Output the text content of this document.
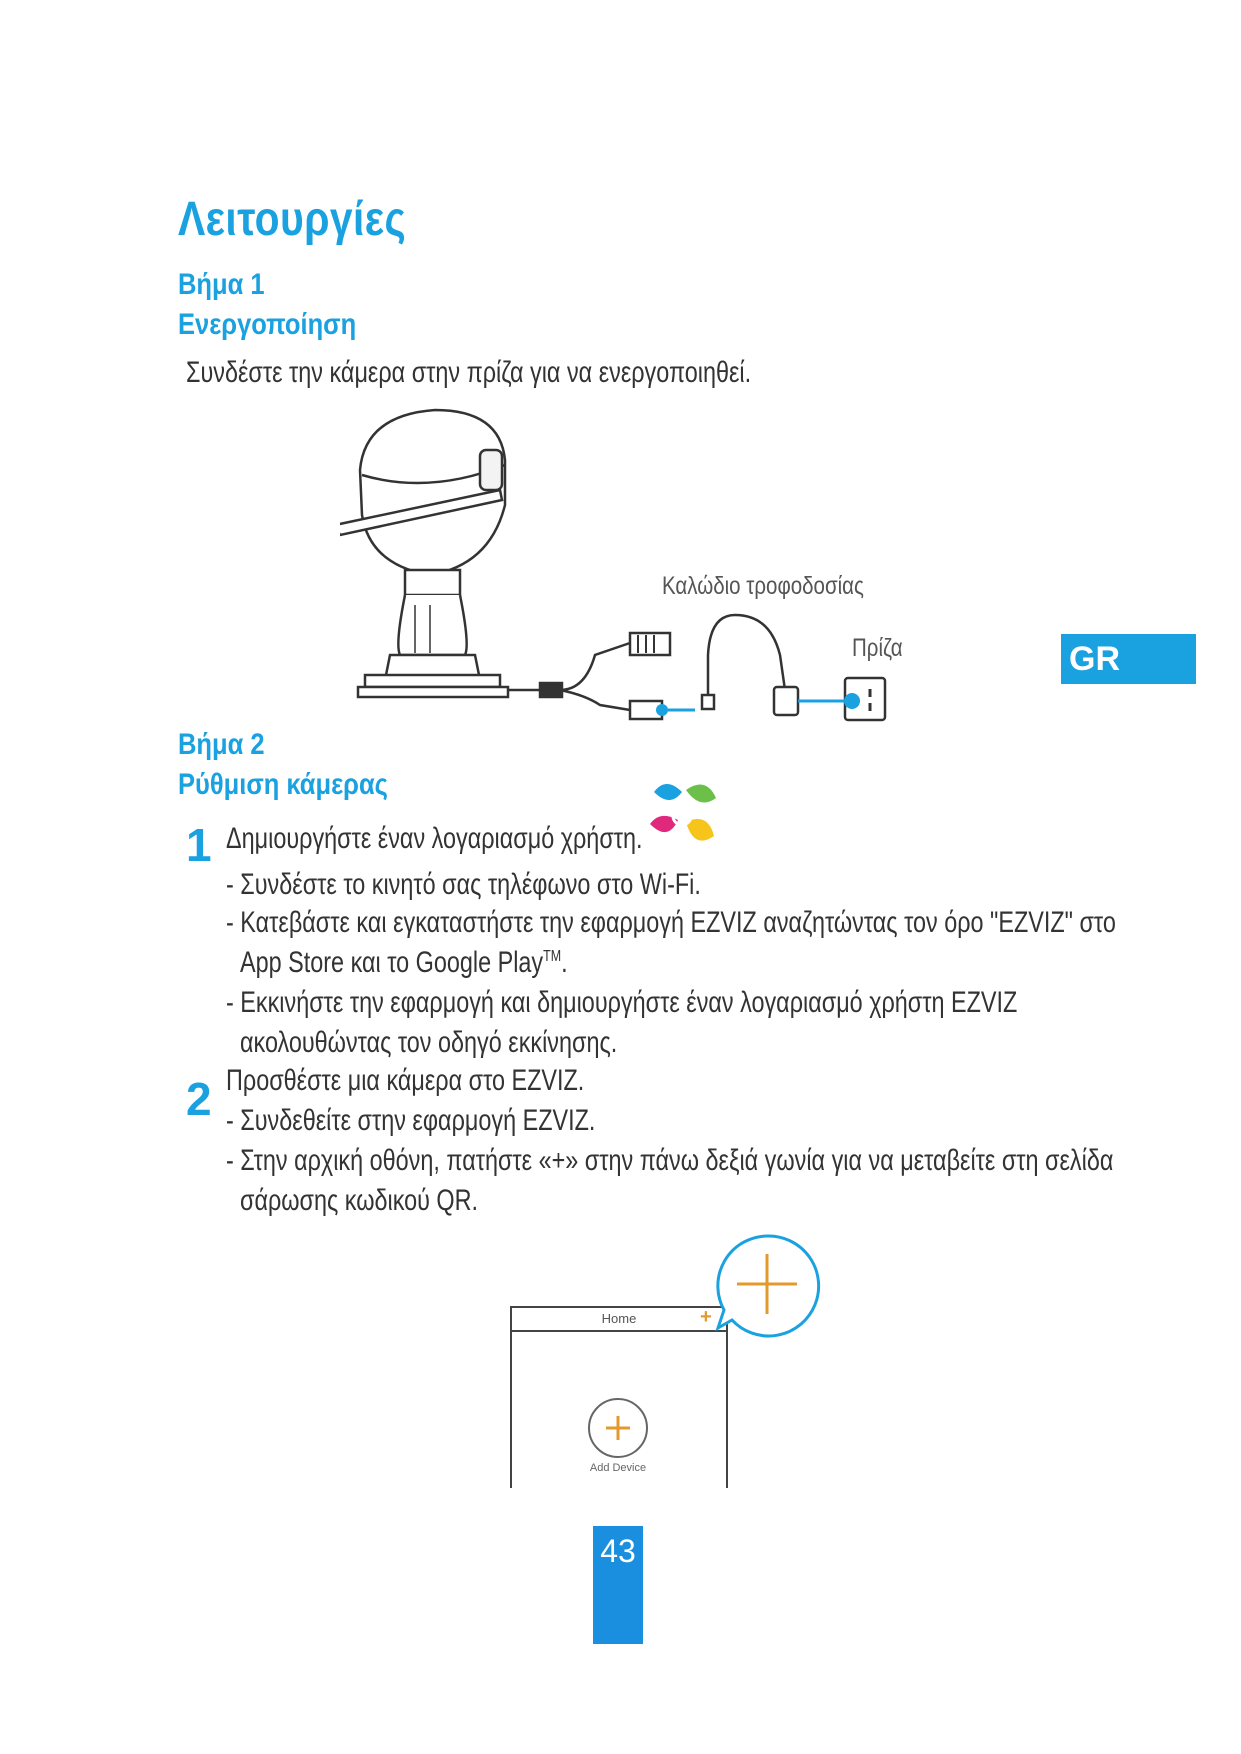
Λειτουργίες
Βήμα 1
Ενεργοποίηση
Συνδέστε την κάμερα στην πρίζα για να ενεργοποιηθεί.
Καλώδιο τροφοδοσίας
Πρίζα	GR
Βήμα 2
Ρύθμιση κάμερας
1 Δημιουργήστε έναν λογαριασμό χρήστη.
- Συνδέστε το κινητό σας τηλέφωνο στο Wi-Fi.
- Κατεβάστε και εγκαταστήστε την εφαρμογή EZVIZ αναζητώντας τον όρο "EZVIZ" στο
App Store και το Google Play™.
- Εκκινήστε την εφαρμογή και δημιουργήστε έναν λογαριασμό χρήστη EZVIZ
ακολουθώντας τον οδηγό εκκίνησης.
2 Προσθέστε μια κάμερα στο EZVIZ.
- Συνδεθείτε στην εφαρμογή EZVIZ.
- Στην αρχική οθόνη, πατήστε «+» στην πάνω δεξιά γωνία για να μεταβείτε στη σελίδα
σάρωσης κωδικού QR.
Home	+
Add Device
43
